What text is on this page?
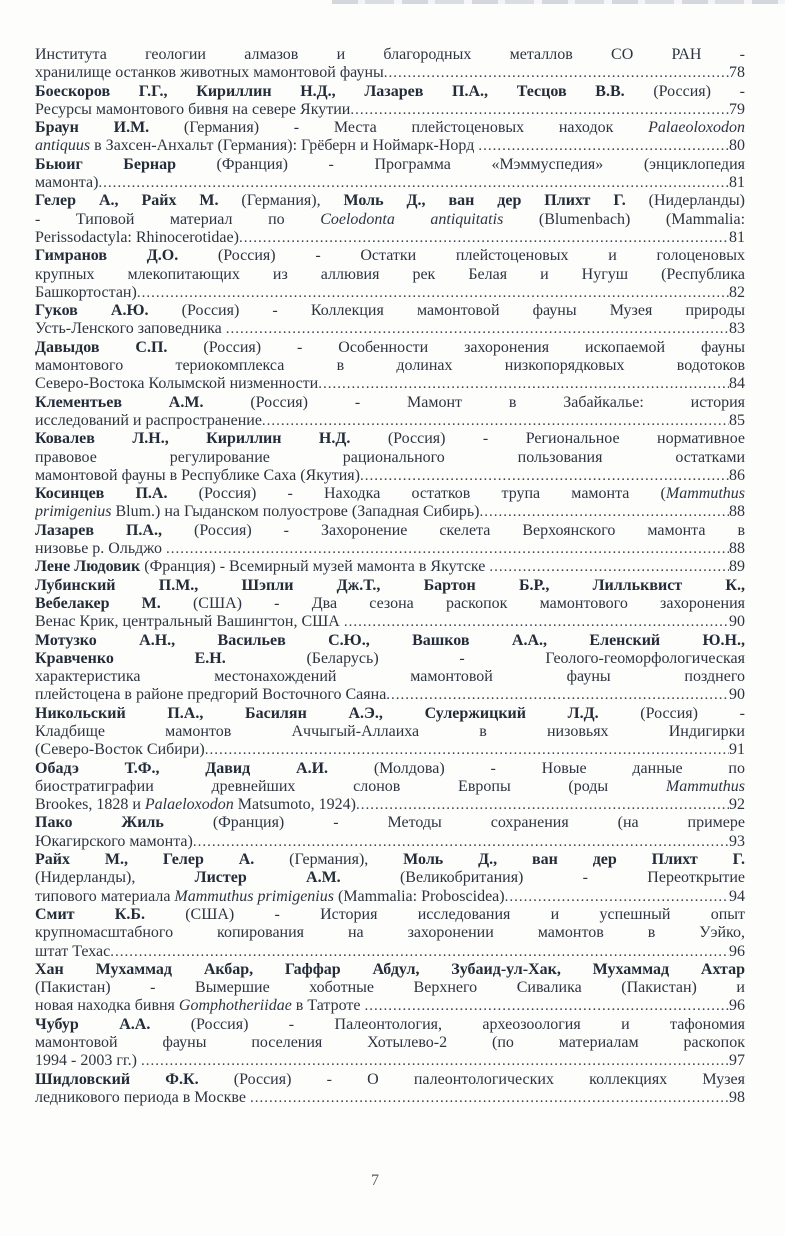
Института геологии алмазов и благородных металлов СО РАН -
хранилище останков животных мамонтовой фауны .....	78
Боескоров Г.Г., Кириллин Н.Д., Лазарев П.А., Тесцов В.В. (Россия) -
Ресурсы мамонтового бивня на севере Якутии .....	79
Браун И.М. (Германия) - Места плейстоценовых находок Palaeoloxodon
antiquus в Захсен-Анхальт (Германия): Грёберн и Ноймарк-Норд .....	80
Бьюиг Бернар (Франция) - Программа «Мэммуспедия» (энциклопедия
мамонта) .....	81
Гелер А., Райх М. (Германия), Моль Д., ван дер Плихт Г. (Нидерланды)
- Типовой материал по Coelodonta antiquitatis (Blumenbach) (Mammalia:
Perissodactyla: Rhinocerotidae) .....	81
Гимранов Д.О. (Россия) - Остатки плейстоценовых и голоценовых
крупных млекопитающих из аллювия рек Белая и Нугуш (Республика
Башкортостан) .....	82
Гуков А.Ю. (Россия) - Коллекция мамонтовой фауны Музея природы
Усть-Ленского заповедника .....	83
Давыдов С.П. (Россия) - Особенности захоронения ископаемой фауны
мамонтового териокомплекса в долинах низкопорядковых водотоков
Северо-Востока Колымской низменности .....	84
Клементьев А.М. (Россия) - Мамонт в Забайкалье: история
исследований и распространение .....	85
Ковалев Л.Н., Кириллин Н.Д. (Россия) - Региональное нормативное
правовое регулирование рационального пользования остатками
мамонтовой фауны в Республике Саха (Якутия) .....	86
Косинцев П.А. (Россия) - Находка остатков трупа мамонта (Mammuthus
primigenius Blum.) на Гыданском полуострове (Западная Сибирь) .....	88
Лазарев П.А., (Россия) - Захоронение скелета Верхоянского мамонта в
низовье р. Ольджо .....	88
Лене Людовик (Франция) - Всемирный музей мамонта в Якутске .....	89
Лубинский П.М., Шэпли Дж.Т., Бартон Б.Р., Лилльквист К.,
Вебелакер М. (США) - Два сезона раскопок мамонтового захоронения
Венас Крик, центральный Вашингтон, США .....	90
Мотузко А.Н., Васильев С.Ю., Вашков А.А., Еленский Ю.Н.,
Кравченко Е.Н. (Беларусь) - Геолого-геоморфологическая
характеристика местонахождений мамонтовой фауны позднего
плейстоцена в районе предгорий Восточного Саяна .....	90
Никольский П.А., Басилян А.Э., Сулержицкий Л.Д. (Россия) -
Кладбище мамонтов Аччыгый-Аллаиха в низовьях Индигирки
(Северо-Восток Сибири) .....	91
Обадэ Т.Ф., Давид А.И. (Молдова) - Новые данные по
биостратиграфии древнейших слонов Европы (роды Mammuthus
Brookes, 1828 и Palaeloxodon Matsumoto, 1924) .....	92
Пако Жиль (Франция) - Методы сохранения (на примере
Юкагирского мамонта) .....	93
Райх М., Гелер А. (Германия), Моль Д., ван дер Плихт Г.
(Нидерланды), Листер А.М. (Великобритания) - Переоткрытие
типового материала Mammuthus primigenius (Mammalia: Proboscidea) .....	94
Смит К.Б. (США) - История исследования и успешный опыт
крупномасштабного копирования на захоронении мамонтов в Уэйко,
штат Техас .....	96
Хан Мухаммад Акбар, Гаффар Абдул, Зубаид-ул-Хак, Мухаммад Ахтар
(Пакистан) - Вымершие хоботные Верхнего Сивалика (Пакистан) и
новая находка бивня Gomphotheriidae в Татроте .....	96
Чубур А.А. (Россия) - Палеонтология, археозоология и тафономия
мамонтовой фауны поселения Хотылево-2 (по материалам раскопок
1994 - 2003 гг.) .....	97
Шидловский Ф.К. (Россия) - О палеонтологических коллекциях Музея
ледникового периода в Москве .....	98
7
